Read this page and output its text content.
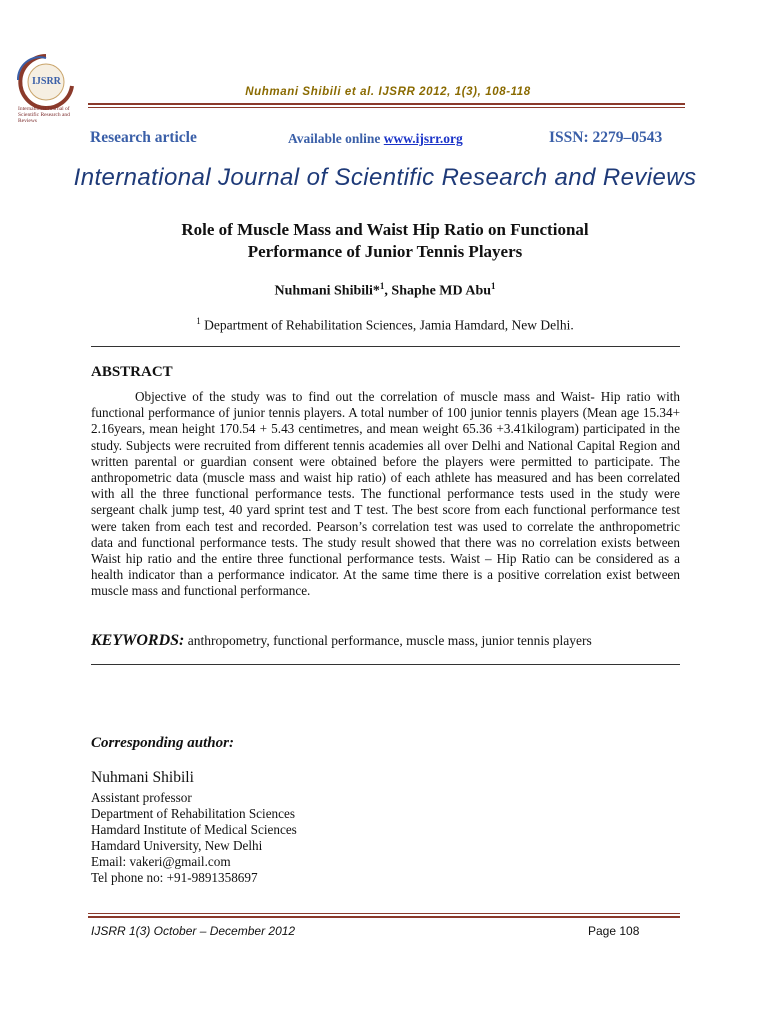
IJSRR
International Journal of
Scientific Research and
Reviews
Nuhmani Shibili et al. IJSRR 2012, 1(3), 108-118
Research article	Available online www.ijsrr.org	ISSN: 2279–0543
International Journal of Scientific Research and Reviews
Role of Muscle Mass and Waist Hip Ratio on Functional
Performance of Junior Tennis Players
Nuhmani Shibili*$^1$, Shaphe MD Abu$^1$
$^1$ Department of Rehabilitation Sciences, Jamia Hamdard, New Delhi.
ABSTRACT
Objective of the study was to find out the correlation of muscle mass and Waist- Hip ratio with functional performance of junior tennis players. A total number of 100 junior tennis players (Mean age 15.34+ 2.16years, mean height 170.54 + 5.43 centimetres, and mean weight 65.36 +3.41kilogram) participated in the study. Subjects were recruited from different tennis academies all over Delhi and National Capital Region and written parental or guardian consent were obtained before the players were permitted to participate. The anthropometric data (muscle mass and waist hip ratio) of each athlete has measured and has been correlated with all the three functional performance tests. The functional performance tests used in the study were sergeant chalk jump test, 40 yard sprint test and T test. The best score from each functional performance test were taken from each test and recorded. Pearson’s correlation test was used to correlate the anthropometric data and functional performance tests. The study result showed that there was no correlation exists between Waist hip ratio and the entire three functional performance tests. Waist – Hip Ratio can be considered as a health indicator than a performance indicator. At the same time there is a positive correlation exist between muscle mass and functional performance.
KEYWORDS: anthropometry, functional performance, muscle mass, junior tennis players
Corresponding author:
Nuhmani Shibili
Assistant professor
Department of Rehabilitation Sciences
Hamdard Institute of Medical Sciences
Hamdard University, New Delhi
Email: vakeri@gmail.com
Tel phone no: +91-9891358697
IJSRR 1(3) October – December 2012	Page 108
